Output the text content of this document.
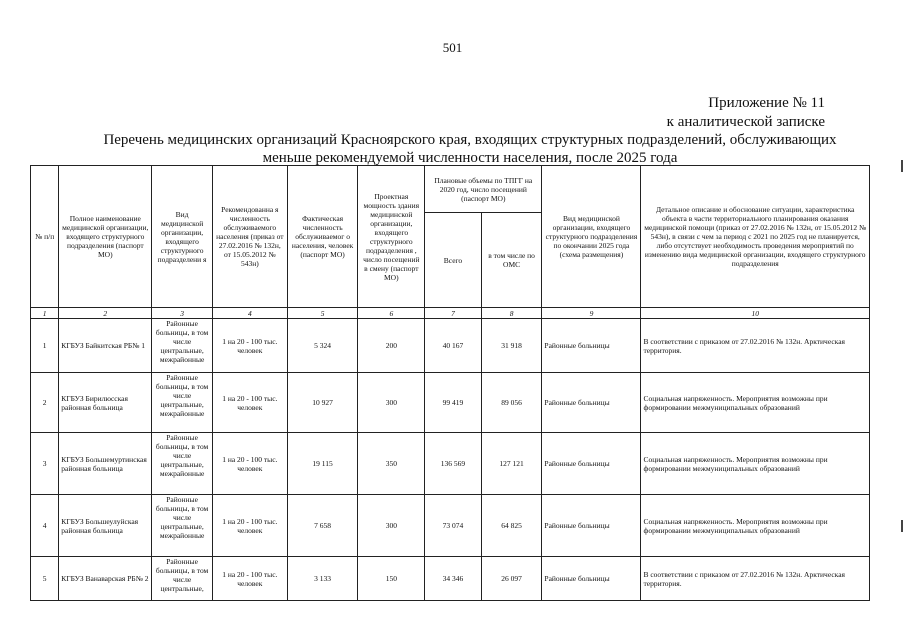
501
Приложение № 11
к аналитической записке
Перечень медицинских организаций Красноярского края, входящих структурных подразделений, обслуживающих
меньше рекомендуемой численности населения, после 2025 года
№ п/п	Полное наименование медицинской организации, входящего структурного подразделения (паспорт МО)	Вид медицинской организации, входящего структурного подразделени я	Рекомендованна я численность обслуживаемого населения (приказ от 27.02.2016 № 132н, от 15.05.2012 № 543н)	Фактическая численность обслуживаемог о населения, человек (паспорт МО)	Проектная мощность здания медицинской организации, входящего структурного подразделения , число посещений в смену (паспорт МО)	Плановые объемы по ТПГГ на 2020 год, число посещений (паспорт МО)		Вид медицинской организации, входящего структурного подразделения по окончании 2025 года (схема размещения)	Детальное описание и обоснование ситуации, характеристика объекта в части территориального планирования оказания медицинской помощи (приказ от 27.02.2016 № 132н, от 15.05.2012 № 543н), в связи с чем за период с 2021 по 2025 год не планируется, либо отсутствует необходимость проведения мероприятий по изменению вида медицинской организации, входящего структурного подразделения
						Всего	в том числе по ОМС		
1	2	3	4	5	6	7	8	9	10
1	КГБУЗ Байкитская РБ№ 1	Районные больницы, в том числе центральные, межрайонные	1 на 20 - 100 тыс. человек	5 324	200	40 167	31 918	Районные больницы	В соответствии с приказом от 27.02.2016 № 132н. Арктическая территория.
2	КГБУЗ Бирилюсская районная больница	Районные больницы, в том числе центральные, межрайонные	1 на 20 - 100 тыс. человек	10 927	300	99 419	89 056	Районные больницы	Социальная напряженность. Мероприятия возможны при формировании межмуниципальных образований
3	КГБУЗ Большемуртинская районная больница	Районные больницы, в том числе центральные, межрайонные	1 на 20 - 100 тыс. человек	19 115	350	136 569	127 121	Районные больницы	Социальная напряженность. Мероприятия возможны при формировании межмуниципальных образований
4	КГБУЗ Большеулуйская районная больница	Районные больницы, в том числе центральные, межрайонные	1 на 20 - 100 тыс. человек	7 658	300	73 074	64 825	Районные больницы	Социальная напряженность. Мероприятия возможны при формировании межмуниципальных образований
5	КГБУЗ Ванаварская РБ№ 2	Районные больницы, в том числе центральные,	1 на 20 - 100 тыс. человек	3 133	150	34 346	26 097	Районные больницы	В соответствии с приказом от 27.02.2016 № 132н. Арктическая территория.
